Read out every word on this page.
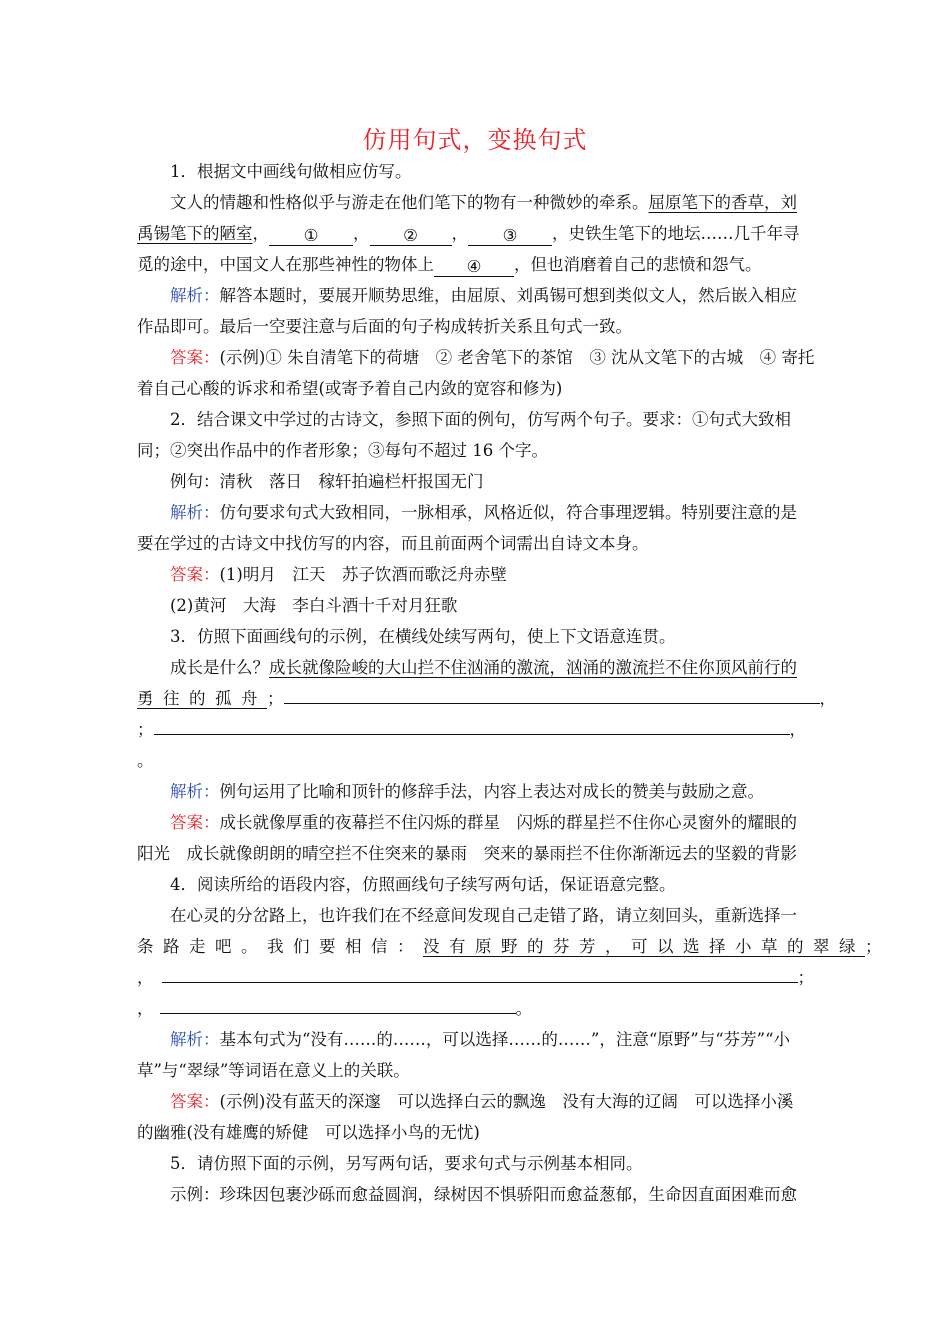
仿用句式，变换句式
1．根据文中画线句做相应仿写。
文人的情趣和性格似乎与游走在他们笔下的物有一种微妙的牵系。屈原笔下的香草，刘
禹锡笔下的陋室， ① ， ② ， ③ ，史铁生笔下的地坛……几千年寻
觅的途中，中国文人在那些神性的物体上 ④ ，但也消磨着自己的悲愤和怨气。
解析：解答本题时，要展开顺势思维，由屈原、刘禹锡可想到类似文人，然后嵌入相应
作品即可。最后一空要注意与后面的句子构成转折关系且句式一致。
答案：(示例)① 朱自清笔下的荷塘　② 老舍笔下的茶馆　③ 沈从文笔下的古城　④ 寄托
着自己心酸的诉求和希望(或寄予着自己内敛的宽容和修为)
2．结合课文中学过的古诗文，参照下面的例句，仿写两个句子。要求：①句式大致相
同；②突出作品中的作者形象；③每句不超过 16 个字。
例句：清秋　落日　稼轩拍遍栏杆报国无门
解析：仿句要求句式大致相同，一脉相承，风格近似，符合事理逻辑。特别要注意的是
要在学过的古诗文中找仿写的内容，而且前面两个词需出自诗文本身。
答案：(1)明月　江天　苏子饮酒而歌泛舟赤壁
(2)黄河　大海　李白斗酒十千对月狂歌
3．仿照下面画线句的示例，在横线处续写两句，使上下文语意连贯。
成长是什么？成长就像险峻的大山拦不住汹涌的激流，汹涌的激流拦不住你顶风前行的
勇往的孤舟；	，
；	，
。
解析：例句运用了比喻和顶针的修辞手法，内容上表达对成长的赞美与鼓励之意。
答案：成长就像厚重的夜幕拦不住闪烁的群星　闪烁的群星拦不住你心灵窗外的耀眼的
阳光　成长就像朗朗的晴空拦不住突来的暴雨　突来的暴雨拦不住你渐渐远去的坚毅的背影
4．阅读所给的语段内容，仿照画线句子续写两句话，保证语意完整。
在心灵的分岔路上，也许我们在不经意间发现自己走错了路，请立刻回头，重新选择一
条路走吧。我们要相信：没有原野的芬芳，可以选择小草的翠绿；
，	；
，	。
解析：基本句式为“没有……的……，可以选择……的……”，注意“原野”与“芬芳”“小
草”与“翠绿”等词语在意义上的关联。
答案：(示例)没有蓝天的深邃　可以选择白云的飘逸　没有大海的辽阔　可以选择小溪
的幽雅(没有雄鹰的矫健　可以选择小鸟的无忧)
5．请仿照下面的示例，另写两句话，要求句式与示例基本相同。
示例：珍珠因包裹沙砾而愈益圆润，绿树因不惧骄阳而愈益葱郁，生命因直面困难而愈
